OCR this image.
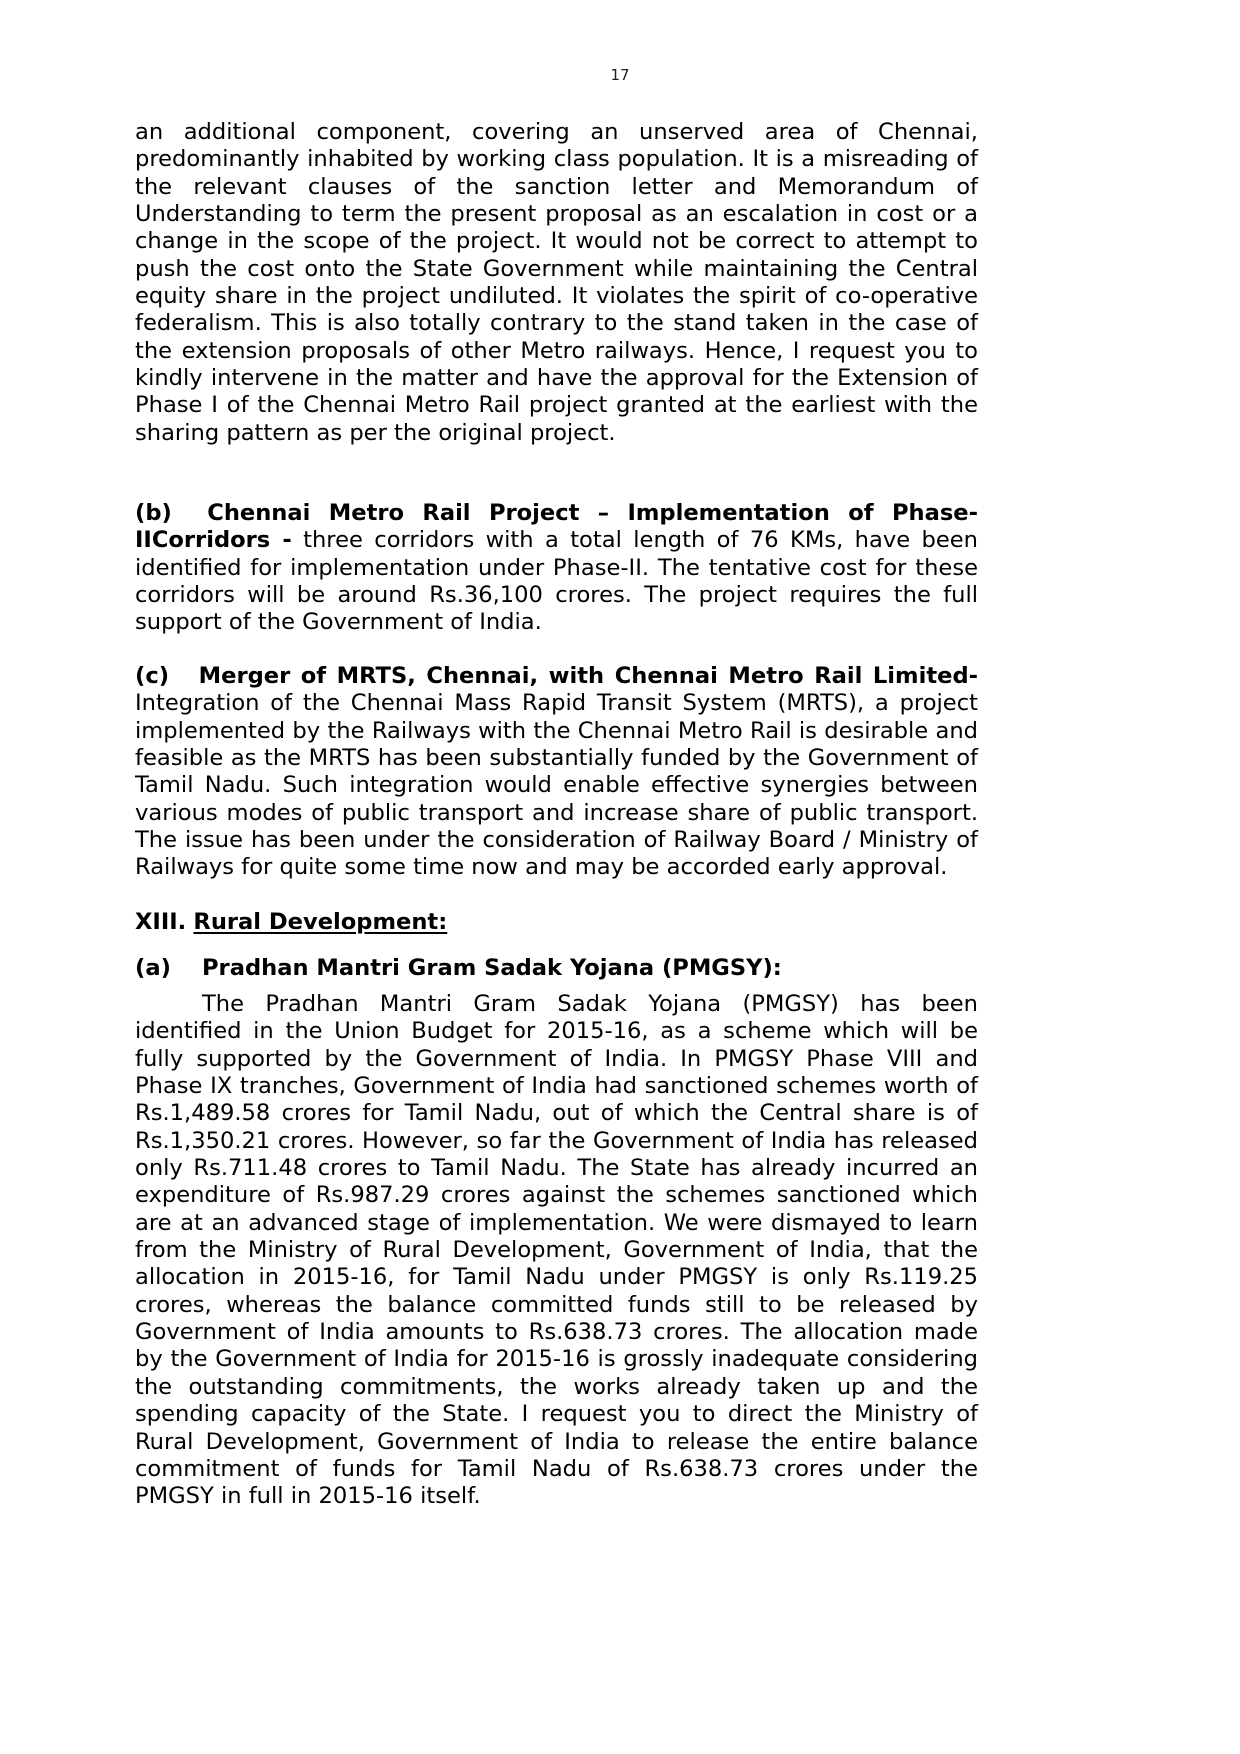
17

an additional component, covering an unserved area of Chennai, predominantly inhabited by working class population. It is a misreading of the relevant clauses of the sanction letter and Memorandum of Understanding to term the present proposal as an escalation in cost or a change in the scope of the project. It would not be correct to attempt to push the cost onto the State Government while maintaining the Central equity share in the project undiluted. It violates the spirit of co-operative federalism. This is also totally contrary to the stand taken in the case of the extension proposals of other Metro railways. Hence, I request you to kindly intervene in the matter and have the approval for the Extension of Phase I of the Chennai Metro Rail project granted at the earliest with the sharing pattern as per the original project.

(b) Chennai Metro Rail Project – Implementation of Phase-IICorridors - three corridors with a total length of 76 KMs, have been identified for implementation under Phase-II. The tentative cost for these corridors will be around Rs.36,100 crores. The project requires the full support of the Government of India.

(c) Merger of MRTS, Chennai, with Chennai Metro Rail Limited-Integration of the Chennai Mass Rapid Transit System (MRTS), a project implemented by the Railways with the Chennai Metro Rail is desirable and feasible as the MRTS has been substantially funded by the Government of Tamil Nadu. Such integration would enable effective synergies between various modes of public transport and increase share of public transport. The issue has been under the consideration of Railway Board / Ministry of Railways for quite some time now and may be accorded early approval.

XIII. Rural Development:

(a) Pradhan Mantri Gram Sadak Yojana (PMGSY):

The Pradhan Mantri Gram Sadak Yojana (PMGSY) has been identified in the Union Budget for 2015-16, as a scheme which will be fully supported by the Government of India. In PMGSY Phase VIII and Phase IX tranches, Government of India had sanctioned schemes worth of Rs.1,489.58 crores for Tamil Nadu, out of which the Central share is of Rs.1,350.21 crores. However, so far the Government of India has released only Rs.711.48 crores to Tamil Nadu. The State has already incurred an expenditure of Rs.987.29 crores against the schemes sanctioned which are at an advanced stage of implementation. We were dismayed to learn from the Ministry of Rural Development, Government of India, that the allocation in 2015-16, for Tamil Nadu under PMGSY is only Rs.119.25 crores, whereas the balance committed funds still to be released by Government of India amounts to Rs.638.73 crores. The allocation made by the Government of India for 2015-16 is grossly inadequate considering the outstanding commitments, the works already taken up and the spending capacity of the State. I request you to direct the Ministry of Rural Development, Government of India to release the entire balance commitment of funds for Tamil Nadu of Rs.638.73 crores under the PMGSY in full in 2015-16 itself.
